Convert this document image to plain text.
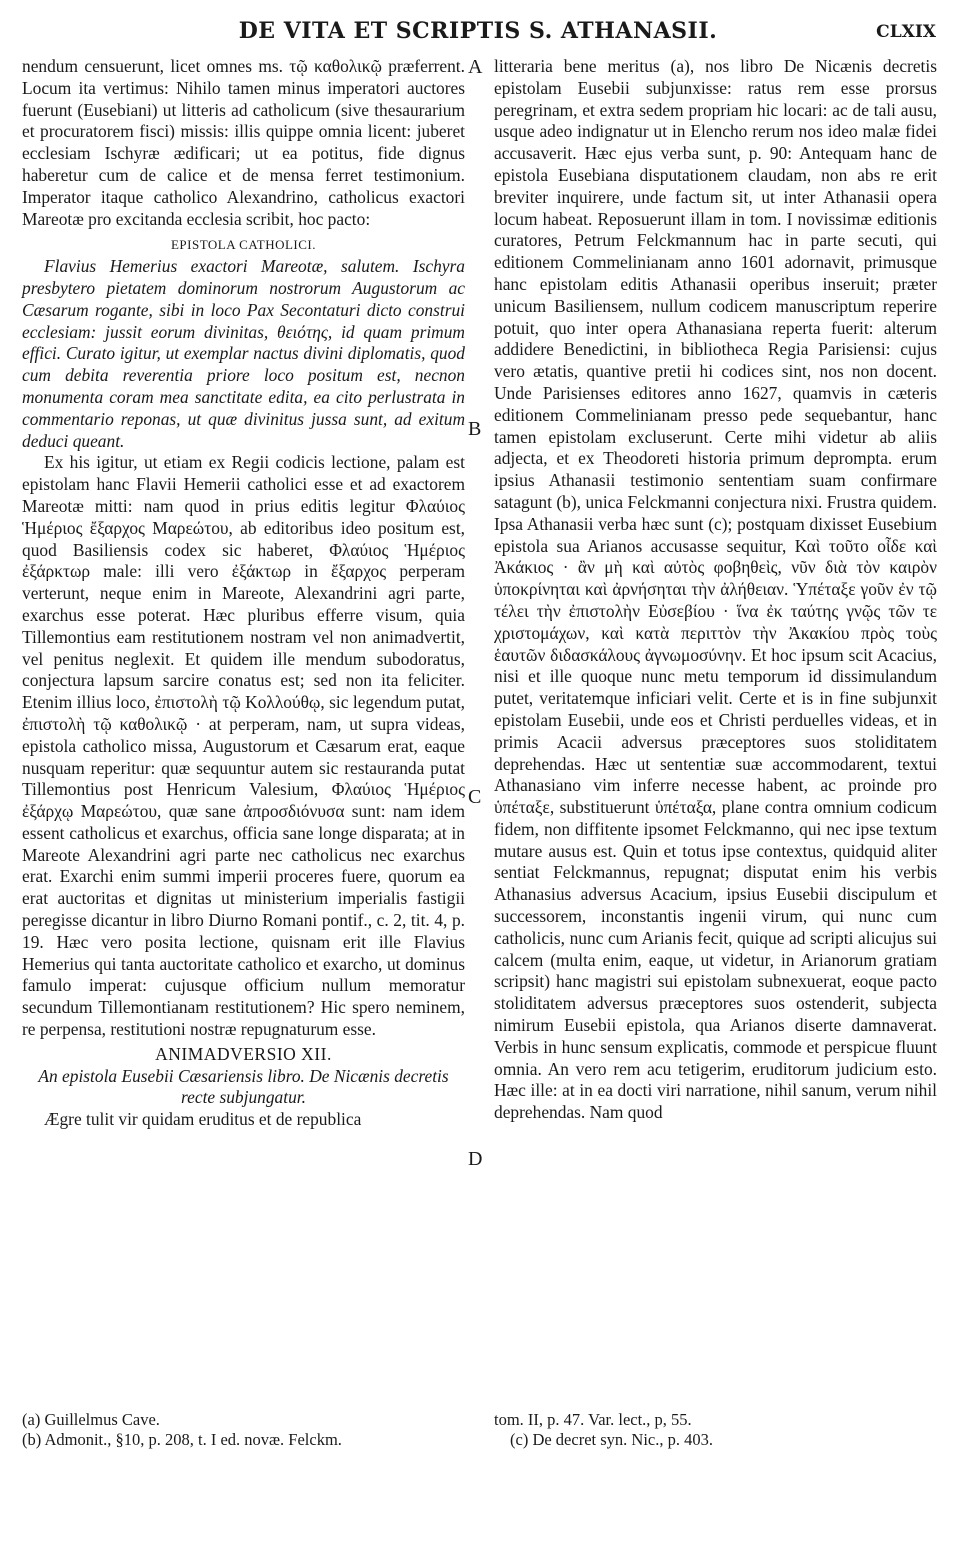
DE VITA ET SCRIPTIS S. ATHANASII.	CLXIX

nendum censuerunt, licet omnes ms. τῷ καθολικῷ præferrent. Locum ita vertimus: Nihilo tamen minus imperatori auctores fuerunt (Eusebiani) ut litteris ad catholicum (sive thesaurarium et procuratorem fisci) missis: illis quippe omnia licent: juberet ecclesiam Ischyræ ædificari; ut ea potitus, fide dignus haberetur cum de calice et de mensa ferret testimonium. Imperator itaque catholico Alexandrino, catholicus exactori Mareotæ pro excitanda ecclesia scribit, hoc pacto:

EPISTOLA CATHOLICI.

Flavius Hemerius exactori Mareotæ, salutem. Ischyra presbytero pietatem dominorum nostrorum Augustorum ac Cæsarum rogante, sibi in loco Pax Secontaturi dicto construi ecclesiam: jussit eorum divinitas, θειότης, id quam primum effici. Curato igitur, ut exemplar nactus divini diplomatis, quod cum debita reverentia priore loco positum est, necnon monumenta coram mea sanctitate edita, ea cito perlustrata in commentario reponas, ut quæ divinitus jussa sunt, ad exitum deduci queant.

Ex his igitur, ut etiam ex Regii codicis lectione, palam est epistolam hanc Flavii Hemerii catholici esse et ad exactorem Mareotæ mitti: nam quod in prius editis legitur Φλαύιος Ἡμέριος ἔξαρχος Μαρεώτου, ab editoribus ideo positum est, quod Basiliensis codex sic haberet, Φλαύιος Ἡμέριος ἐξάρκτωρ male: illi vero ἐξάκτωρ in ἔξαρχος perperam verterunt, neque enim in Mareote, Alexandrini agri parte, exarchus esse poterat. Hæc pluribus efferre visum, quia Tillemontius eam restitutionem nostram vel non animadvertit, vel penitus neglexit. Et quidem ille mendum subodoratus, conjectura lapsum sarcire conatus est; sed non ita feliciter. Etenim illius loco, ἐπιστολὴ τῷ Κολλούθῳ, sic legendum putat, ἐπιστολὴ τῷ καθολικῷ · at perperam, nam, ut supra videas, epistola catholico missa, Augustorum et Cæsarum erat, eaque nusquam reperitur: quæ sequuntur autem sic restauranda putat Tillemontius post Henricum Valesium, Φλαύιος Ἡμέριος ἐξάρχῳ Μαρεώτου, quæ sane ἀπροσδιόνυσα sunt: nam idem essent catholicus et exarchus, officia sane longe disparata; at in Mareote Alexandrini agri parte nec catholicus nec exarchus erat. Exarchi enim summi imperii proceres fuere, quorum ea erat auctoritas et dignitas ut ministerium imperialis fastigii peregisse dicantur in libro Diurno Romani pontif., c. 2, tit. 4, p. 19. Hæc vero posita lectione, quisnam erit ille Flavius Hemerius qui tanta auctoritate catholico et exarcho, ut dominus famulo imperat: cujusque officium nullum memoratur secundum Tillemontianam restitutionem? Hic spero neminem, re perpensa, restitutioni nostræ repugnaturum esse.

ANIMADVERSIO XII.

An epistola Eusebii Cæsariensis libro. De Nicænis decretis recte subjungatur.

Ægre tulit vir quidam eruditus et de republica

A
B
C
D

litteraria bene meritus (a), nos libro De Nicænis decretis epistolam Eusebii subjunxisse: ratus rem esse prorsus peregrinam, et extra sedem propriam hic locari: ac de tali ausu, usque adeo indignatur ut in Elencho rerum nos ideo malæ fidei accusaverit. Hæc ejus verba sunt, p. 90: Antequam hanc de epistola Eusebiana disputationem claudam, non abs re erit breviter inquirere, unde factum sit, ut inter Athanasii opera locum habeat. Reposuerunt illam in tom. I novissimæ editionis curatores, Petrum Felckmannum hac in parte secuti, qui editionem Commelinianam anno 1601 adornavit, primusque hanc epistolam editis Athanasii operibus inseruit; præter unicum Basiliensem, nullum codicem manuscriptum reperire potuit, quo inter opera Athanasiana reperta fuerit: alterum addidere Benedictini, in bibliotheca Regia Parisiensi: cujus vero ætatis, quantive pretii hi codices sint, nos non docent. Unde Parisienses editores anno 1627, quamvis in cæteris editionem Commelinianam presso pede sequebantur, hanc tamen epistolam excluserunt. Certe mihi videtur ab aliis adjecta, et ex Theodoreti historia primum deprompta. erum ipsius Athanasii testimonio sententiam suam confirmare satagunt (b), unica Felckmanni conjectura nixi. Frustra quidem. Ipsa Athanasii verba hæc sunt (c); postquam dixisset Eusebium epistola sua Arianos accusasse sequitur, Καὶ τοῦτο οἶδε καὶ Ἀκάκιος · ἂν μὴ καὶ αὐτὸς φοβηθεὶς, νῦν διὰ τὸν καιρὸν ὑποκρίνηται καὶ ἀρνήσηται τὴν ἀλήθειαν. Ὑπέταξε γοῦν ἐν τῷ τέλει τὴν ἐπιστολὴν Εὐσεβίου · ἵνα ἐκ ταύτης γνῷς τῶν τε χριστομάχων, καὶ κατὰ περιττὸν τὴν Ἀκακίου πρὸς τοὺς ἑαυτῶν διδασκάλους ἀγνωμοσύνην. Et hoc ipsum scit Acacius, nisi et ille quoque nunc metu temporum id dissimulandum putet, veritatemque inficiari velit. Certe et is in fine subjunxit epistolam Eusebii, unde eos et Christi perduelles videas, et in primis Acacii adversus præceptores suos stoliditatem deprehendas. Hæc ut sententiæ suæ accommodarent, textui Athanasiano vim inferre necesse habent, ac proinde pro ὑπέταξε, substituerunt ὑπέταξα, plane contra omnium codicum fidem, non diffitente ipsomet Felckmanno, qui nec ipse textum mutare ausus est. Quin et totus ipse contextus, quidquid aliter sentiat Felckmannus, repugnat; disputat enim his verbis Athanasius adversus Acacium, ipsius Eusebii discipulum et successorem, inconstantis ingenii virum, qui nunc cum catholicis, nunc cum Arianis fecit, quique ad scripti alicujus sui calcem (multa enim, eaque, ut videtur, in Arianorum gratiam scripsit) hanc magistri sui epistolam subnexuerat, eoque pacto stoliditatem adversus præceptores suos ostenderit, subjecta nimirum Eusebii epistola, qua Arianos diserte damnaverat. Verbis in hunc sensum explicatis, commode et perspicue fluunt omnia. An vero rem acu tetigerim, eruditorum judicium esto. Hæc ille: at in ea docti viri narratione, nihil sanum, verum nihil deprehendas. Nam quod

(a) Guillelmus Cave.
(b) Admonit., §10, p. 208, t. I ed. novæ. Felckm.
tom. II, p. 47. Var. lect., p, 55.
(c) De decret syn. Nic., p. 403.
